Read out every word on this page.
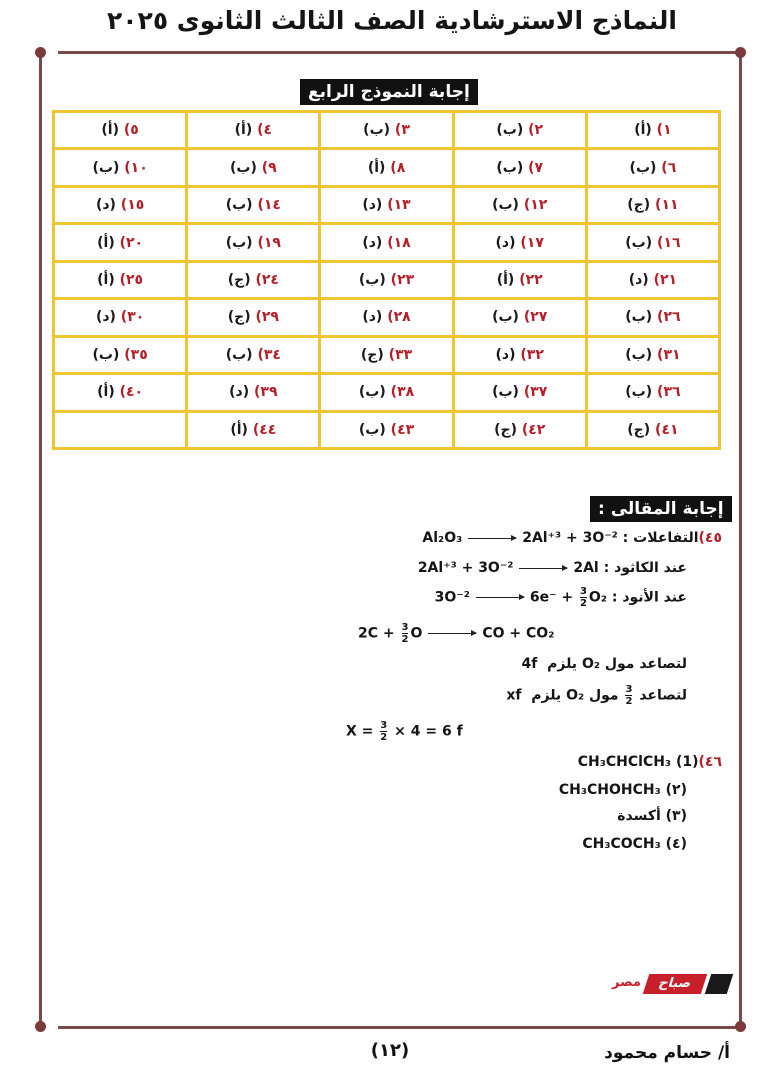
النماذج الاسترشادية الصف الثالث الثانوى ٢٠٢٥
إجابة النموذج الرابع
١) (أ)	٢) (ب)	٣) (ب)	٤) (أ)	٥) (أ)
٦) (ب)	٧) (ب)	٨) (أ)	٩) (ب)	١٠) (ب)
١١) (ج)	١٢) (ب)	١٣) (د)	١٤) (ب)	١٥) (د)
١٦) (ب)	١٧) (د)	١٨) (د)	١٩) (ب)	٢٠) (أ)
٢١) (د)	٢٢) (أ)	٢٣) (ب)	٢٤) (ج)	٢٥) (أ)
٢٦) (ب)	٢٧) (ب)	٢٨) (د)	٢٩) (ج)	٣٠) (د)
٣١) (ب)	٣٢) (د)	٣٣) (ج)	٣٤) (ب)	٣٥) (ب)
٣٦) (ب)	٣٧) (ب)	٣٨) (ب)	٣٩) (د)	٤٠) (أ)
٤١) (ج)	٤٢) (ج)	٤٣) (ب)	٤٤) (أ)	
إجابة المقالى :
٤٥)التفاعلات : Al₂O₃ → 2Al⁺³ + 3O⁻²
عند الكاثود : 2Al⁺³ + 3O⁻² → 2Al
عند الأنود : $3O^{-2} \to 6e^- + \frac{3}{2} O_2$
$2C + \frac{3}{2}$ O → CO + CO₂
لتصاعد مول O₂ يلزم  4f
لتصاعد
$\frac{3}{2}$
مول O₂ يلزم  xf
$X = \frac{3}{2} \times 4 = 6$ f
٤٦)(1) CH₃CHClCH₃
(٢) CH₃CHOHCH₃
(٣) أكسدة
(٤) CH₃COCH₃
مصر	صباح
(١٢)	أ/ حسام محمود
